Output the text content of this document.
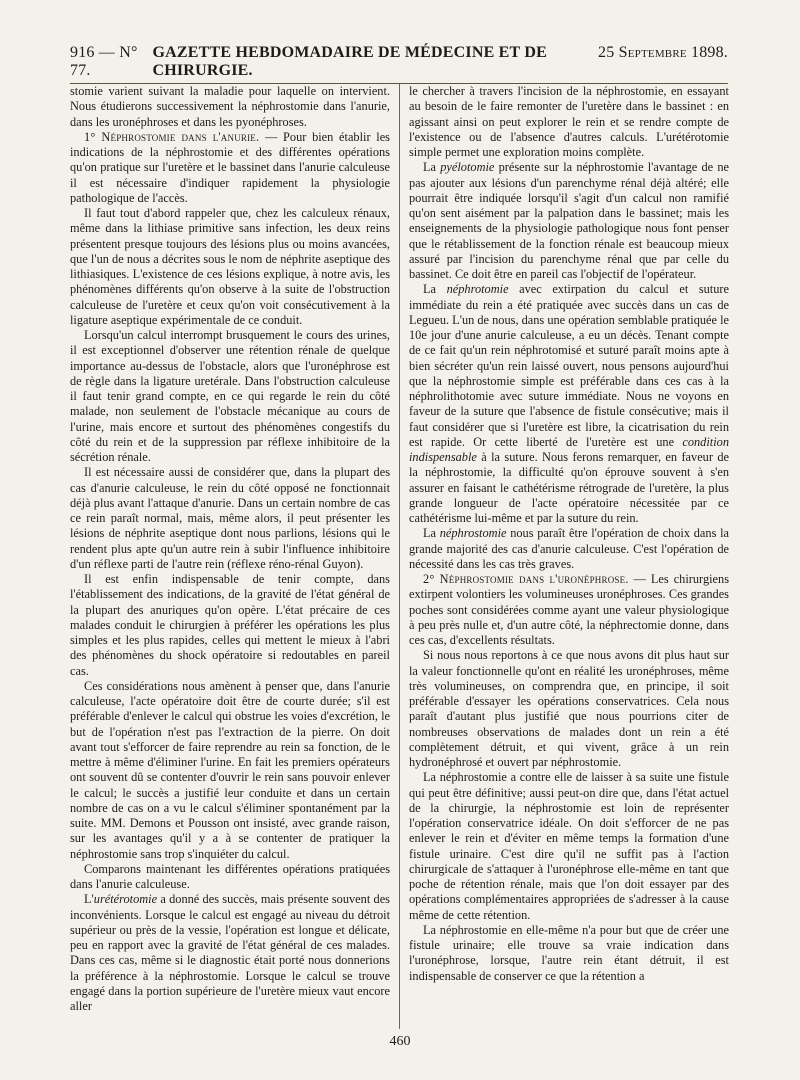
916 — N° 77.
GAZETTE HEBDOMADAIRE DE MÉDECINE ET DE CHIRURGIE.
25 Septembre 1898.

stomie varient suivant la maladie pour laquelle on intervient. Nous étudierons successivement la néphrostomie dans l'anurie, dans les uronéphroses et dans les pyonéphroses.

1° Néphrostomie dans l'anurie. — Pour bien établir les indications de la néphrostomie et des différentes opérations qu'on pratique sur l'uretère et le bassinet dans l'anurie calculeuse il est nécessaire d'indiquer rapidement la physiologie pathologique de l'accès.

Il faut tout d'abord rappeler que, chez les calculeux rénaux, même dans la lithiase primitive sans infection, les deux reins présentent presque toujours des lésions plus ou moins avancées, que l'un de nous a décrites sous le nom de néphrite aseptique des lithiasiques. L'existence de ces lésions explique, à notre avis, les phénomènes différents qu'on observe à la suite de l'obstruction calculeuse de l'uretère et ceux qu'on voit consécutivement à la ligature aseptique expérimentale de ce conduit.

Lorsqu'un calcul interrompt brusquement le cours des urines, il est exceptionnel d'observer une rétention rénale de quelque importance au-dessus de l'obstacle, alors que l'uronéphrose est de règle dans la ligature uretérale. Dans l'obstruction calculeuse il faut tenir grand compte, en ce qui regarde le rein du côté malade, non seulement de l'obstacle mécanique au cours de l'urine, mais encore et surtout des phénomènes congestifs du côté du rein et de la suppression par réflexe inhibitoire de la sécrétion rénale.

Il est nécessaire aussi de considérer que, dans la plupart des cas d'anurie calculeuse, le rein du côté opposé ne fonctionnait déjà plus avant l'attaque d'anurie. Dans un certain nombre de cas ce rein paraît normal, mais, même alors, il peut présenter les lésions de néphrite aseptique dont nous parlions, lésions qui le rendent plus apte qu'un autre rein à subir l'influence inhibitoire d'un réflexe parti de l'autre rein (réflexe réno-rénal Guyon).

Il est enfin indispensable de tenir compte, dans l'établissement des indications, de la gravité de l'état général de la plupart des anuriques qu'on opère. L'état précaire de ces malades conduit le chirurgien à préférer les opérations les plus simples et les plus rapides, celles qui mettent le mieux à l'abri des phénomènes du shock opératoire si redoutables en pareil cas.

Ces considérations nous amènent à penser que, dans l'anurie calculeuse, l'acte opératoire doit être de courte durée; s'il est préférable d'enlever le calcul qui obstrue les voies d'excrétion, le but de l'opération n'est pas l'extraction de la pierre. On doit avant tout s'efforcer de faire reprendre au rein sa fonction, de le mettre à même d'éliminer l'urine. En fait les premiers opérateurs ont souvent dû se contenter d'ouvrir le rein sans pouvoir enlever le calcul; le succès a justifié leur conduite et dans un certain nombre de cas on a vu le calcul s'éliminer spontanément par la suite. MM. Demons et Pousson ont insisté, avec grande raison, sur les avantages qu'il y a à se contenter de pratiquer la néphrostomie sans trop s'inquiéter du calcul.

Comparons maintenant les différentes opérations pratiquées dans l'anurie calculeuse.

L'urétérotomie a donné des succès, mais présente souvent des inconvénients. Lorsque le calcul est engagé au niveau du détroit supérieur ou près de la vessie, l'opération est longue et délicate, peu en rapport avec la gravité de l'état général de ces malades. Dans ces cas, même si le diagnostic était porté nous donnerions la préférence à la néphrostomie. Lorsque le calcul se trouve engagé dans la portion supérieure de l'uretère mieux vaut encore aller

le chercher à travers l'incision de la néphrostomie, en essayant au besoin de le faire remonter de l'uretère dans le bassinet : en agissant ainsi on peut explorer le rein et se rendre compte de l'existence ou de l'absence d'autres calculs. L'urétérotomie simple permet une exploration moins complète.

La pyélotomie présente sur la néphrostomie l'avantage de ne pas ajouter aux lésions d'un parenchyme rénal déjà altéré; elle pourrait être indiquée lorsqu'il s'agit d'un calcul non ramifié qu'on sent aisément par la palpation dans le bassinet; mais les enseignements de la physiologie pathologique nous font penser que le rétablissement de la fonction rénale est beaucoup mieux assuré par l'incision du parenchyme rénal que par celle du bassinet. Ce doit être en pareil cas l'objectif de l'opérateur.

La néphrotomie avec extirpation du calcul et suture immédiate du rein a été pratiquée avec succès dans un cas de Legueu. L'un de nous, dans une opération semblable pratiquée le 10e jour d'une anurie calculeuse, a eu un décès. Tenant compte de ce fait qu'un rein néphrotomisé et suturé paraît moins apte à bien sécréter qu'un rein laissé ouvert, nous pensons aujourd'hui que la néphrostomie simple est préférable dans ces cas à la néphrolithotomie avec suture immédiate. Nous ne voyons en faveur de la suture que l'absence de fistule consécutive; mais il faut considérer que si l'uretère est libre, la cicatrisation du rein est rapide. Or cette liberté de l'uretère est une condition indispensable à la suture. Nous ferons remarquer, en faveur de la néphrostomie, la difficulté qu'on éprouve souvent à s'en assurer en faisant le cathétérisme rétrograde de l'uretère, la plus grande longueur de l'acte opératoire nécessitée par ce cathétérisme lui-même et par la suture du rein.

La néphrostomie nous paraît être l'opération de choix dans la grande majorité des cas d'anurie calculeuse. C'est l'opération de nécessité dans les cas très graves.

2° Néphrostomie dans l'uronéphrose. — Les chirurgiens extirpent volontiers les volumineuses uronéphroses. Ces grandes poches sont considérées comme ayant une valeur physiologique à peu près nulle et, d'un autre côté, la néphrectomie donne, dans ces cas, d'excellents résultats.

Si nous nous reportons à ce que nous avons dit plus haut sur la valeur fonctionnelle qu'ont en réalité les uronéphroses, même très volumineuses, on comprendra que, en principe, il soit préférable d'essayer les opérations conservatrices. Cela nous paraît d'autant plus justifié que nous pourrions citer de nombreuses observations de malades dont un rein a été complètement détruit, et qui vivent, grâce à un rein hydronéphrosé et ouvert par néphrostomie.

La néphrostomie a contre elle de laisser à sa suite une fistule qui peut être définitive; aussi peut-on dire que, dans l'état actuel de la chirurgie, la néphrostomie est loin de représenter l'opération conservatrice idéale. On doit s'efforcer de ne pas enlever le rein et d'éviter en même temps la formation d'une fistule urinaire. C'est dire qu'il ne suffit pas à l'action chirurgicale de s'attaquer à l'uronéphrose elle-même en tant que poche de rétention rénale, mais que l'on doit essayer par des opérations complémentaires appropriées de s'adresser à la cause même de cette rétention.

La néphrostomie en elle-même n'a pour but que de créer une fistule urinaire; elle trouve sa vraie indication dans l'uronéphrose, lorsque, l'autre rein étant détruit, il est indispensable de conserver ce que la rétention a

460
